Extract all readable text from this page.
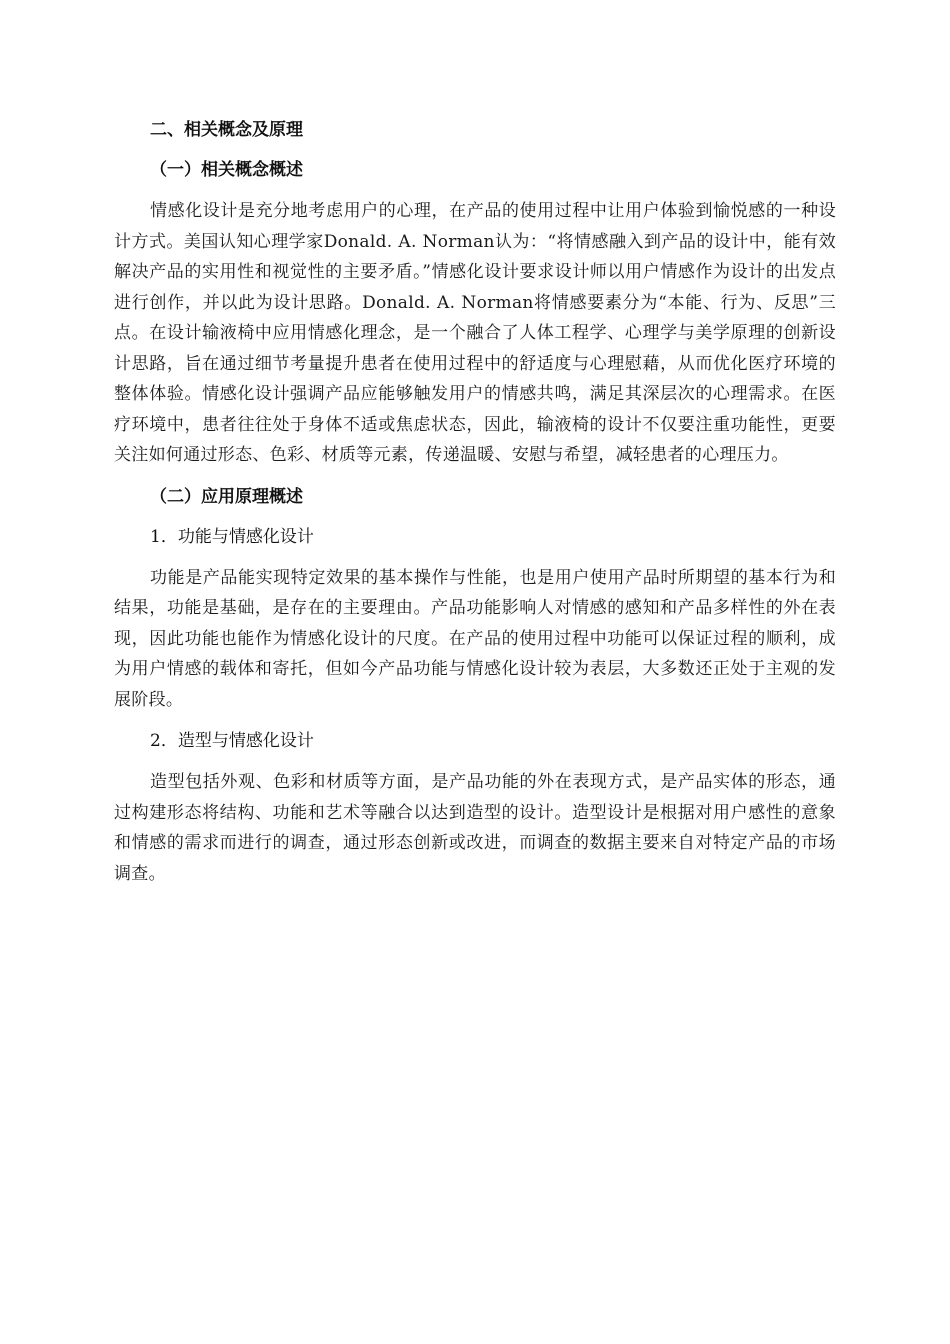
二、相关概念及原理
（一）相关概念概述

情感化设计是充分地考虑用户的心理，在产品的使用过程中让用户体验到愉悦感的一种设计方式。美国认知心理学家Donald. A. Norman认为：“将情感融入到产品的设计中，能有效解决产品的实用性和视觉性的主要矛盾。”情感化设计要求设计师以用户情感作为设计的出发点进行创作，并以此为设计思路。Donald. A. Norman将情感要素分为“本能、行为、反思”三点。在设计输液椅中应用情感化理念，是一个融合了人体工程学、心理学与美学原理的创新设计思路，旨在通过细节考量提升患者在使用过程中的舒适度与心理慰藉，从而优化医疗环境的整体体验。情感化设计强调产品应能够触发用户的情感共鸣，满足其深层次的心理需求。在医疗环境中，患者往往处于身体不适或焦虑状态，因此，输液椅的设计不仅要注重功能性，更要关注如何通过形态、色彩、材质等元素，传递温暖、安慰与希望，减轻患者的心理压力。

（二）应用原理概述
1．功能与情感化设计

功能是产品能实现特定效果的基本操作与性能，也是用户使用产品时所期望的基本行为和结果，功能是基础，是存在的主要理由。产品功能影响人对情感的感知和产品多样性的外在表现，因此功能也能作为情感化设计的尺度。在产品的使用过程中功能可以保证过程的顺利，成为用户情感的载体和寄托，但如今产品功能与情感化设计较为表层，大多数还正处于主观的发展阶段。

2．造型与情感化设计

造型包括外观、色彩和材质等方面，是产品功能的外在表现方式，是产品实体的形态，通过构建形态将结构、功能和艺术等融合以达到造型的设计。造型设计是根据对用户感性的意象和情感的需求而进行的调查，通过形态创新或改进，而调查的数据主要来自对特定产品的市场调查。
